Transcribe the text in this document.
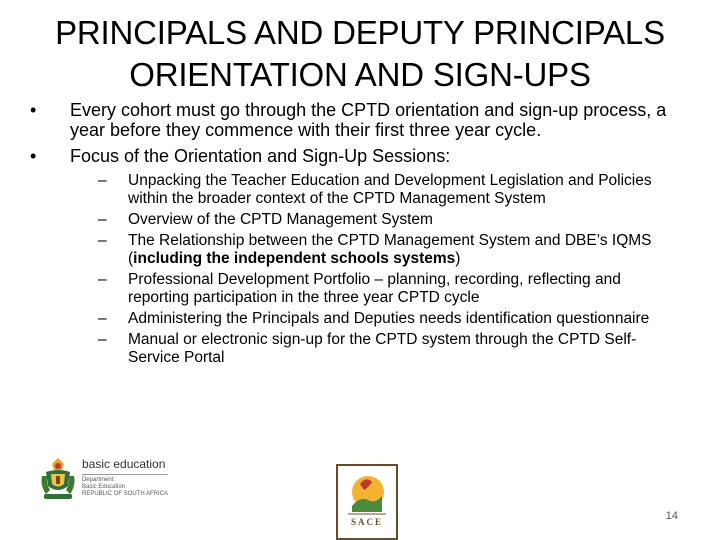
PRINCIPALS AND DEPUTY PRINCIPALS
ORIENTATION AND SIGN-UPS
•	Every cohort must go through the CPTD orientation and sign-up process, a year before they commence with their first three year cycle.
•	Focus of the Orientation and Sign-Up Sessions:
– Unpacking the Teacher Education and Development Legislation and Policies within the broader context of the CPTD Management System
– Overview of the CPTD Management System
– The Relationship between the CPTD Management System and DBE’s IQMS (including the independent schools systems)
– Professional Development Portfolio – planning, recording, reflecting and reporting participation in the three year CPTD cycle
– Administering the Principals and Deputies needs identification questionnaire
– Manual or electronic sign-up for the CPTD system through the CPTD Self-Service Portal
basic education
Department:
Basic Education
REPUBLIC OF SOUTH AFRICA
SACE	14
